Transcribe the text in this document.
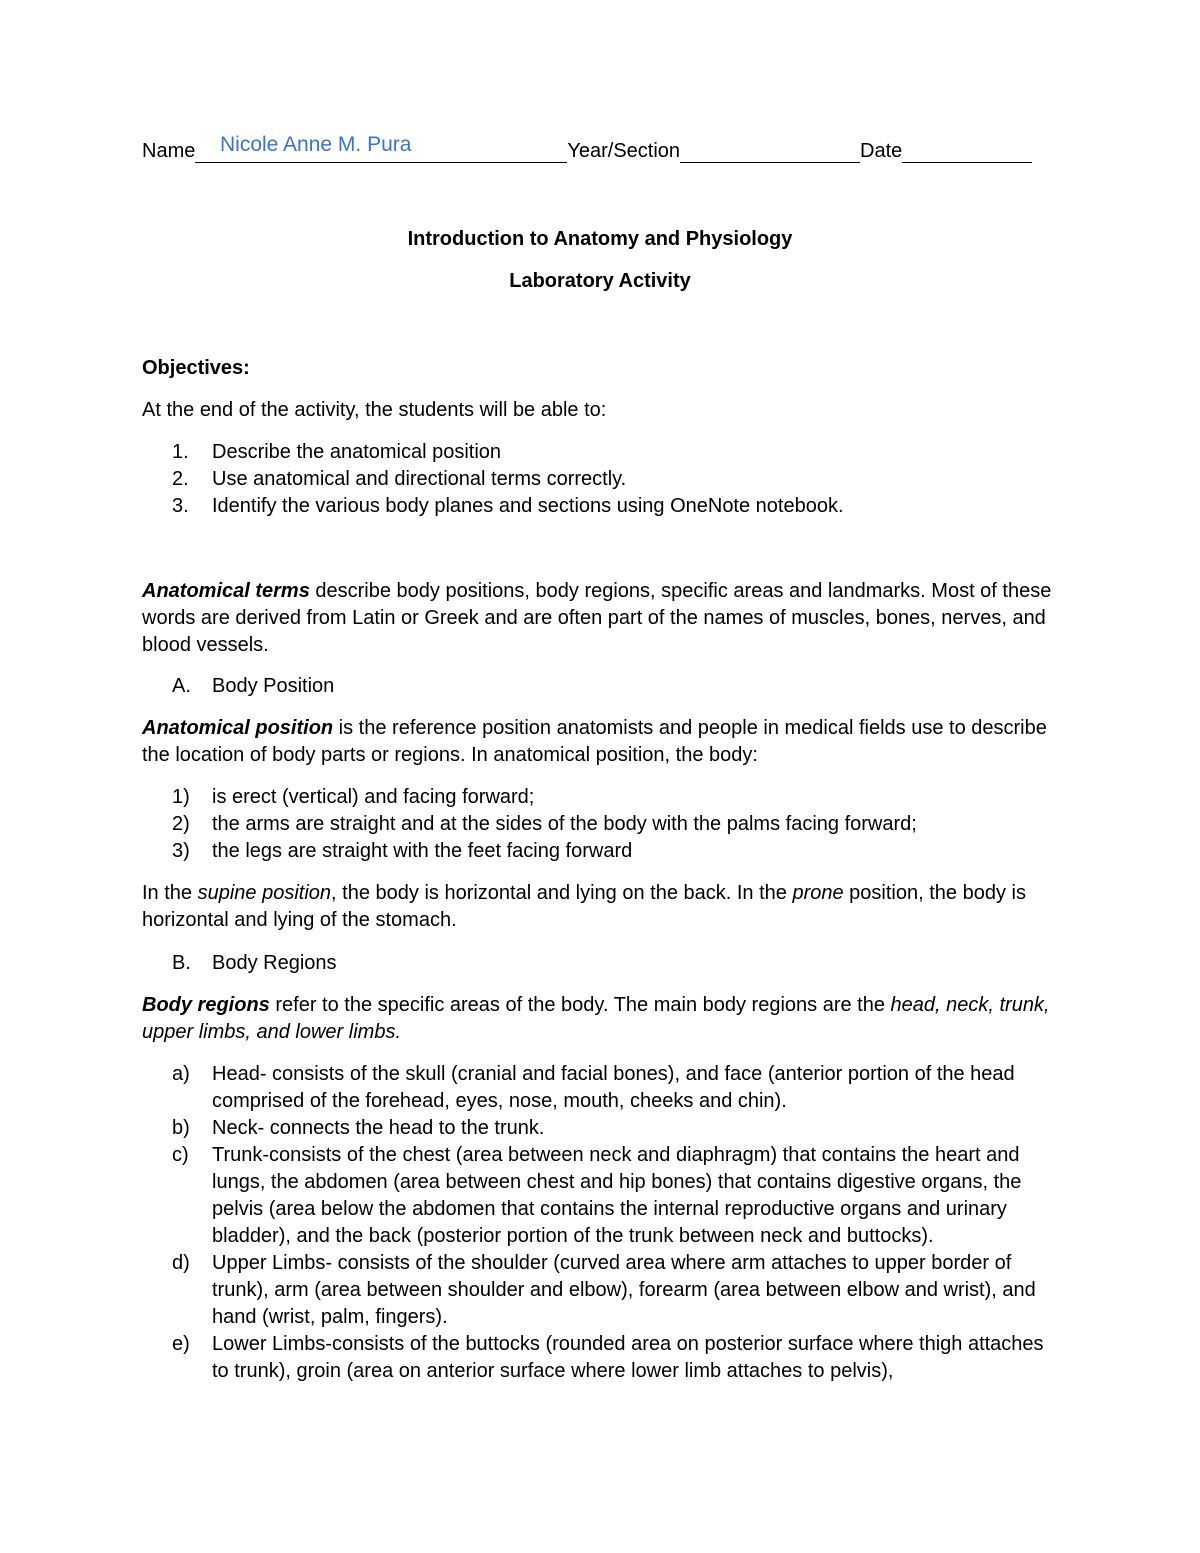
Name	Year/Section	Date
Nicole Anne M. Pura
Introduction to Anatomy and Physiology
Laboratory Activity
Objectives:
At the end of the activity, the students will be able to:
1.	Describe the anatomical position
2.	Use anatomical and directional terms correctly.
3.	Identify the various body planes and sections using OneNote notebook.
Anatomical terms describe body positions, body regions, specific areas and landmarks. Most of these words are derived from Latin or Greek and are often part of the names of muscles, bones, nerves, and blood vessels.
A.	Body Position
Anatomical position is the reference position anatomists and people in medical fields use to describe the location of body parts or regions. In anatomical position, the body:
1)	is erect (vertical) and facing forward;
2)	the arms are straight and at the sides of the body with the palms facing forward;
3)	the legs are straight with the feet facing forward
In the supine position, the body is horizontal and lying on the back. In the prone position, the body is horizontal and lying of the stomach.
B.	Body Regions
Body regions refer to the specific areas of the body. The main body regions are the head, neck, trunk, upper limbs, and lower limbs.
a)	Head- consists of the skull (cranial and facial bones), and face (anterior portion of the head comprised of the forehead, eyes, nose, mouth, cheeks and chin).
b)	Neck- connects the head to the trunk.
c)	Trunk-consists of the chest (area between neck and diaphragm) that contains the heart and lungs, the abdomen (area between chest and hip bones) that contains digestive organs, the pelvis (area below the abdomen that contains the internal reproductive organs and urinary bladder), and the back (posterior portion of the trunk between neck and buttocks).
d)	Upper Limbs- consists of the shoulder (curved area where arm attaches to upper border of trunk), arm (area between shoulder and elbow), forearm (area between elbow and wrist), and hand (wrist, palm, fingers).
e)	Lower Limbs-consists of the buttocks (rounded area on posterior surface where thigh attaches to trunk), groin (area on anterior surface where lower limb attaches to pelvis),
